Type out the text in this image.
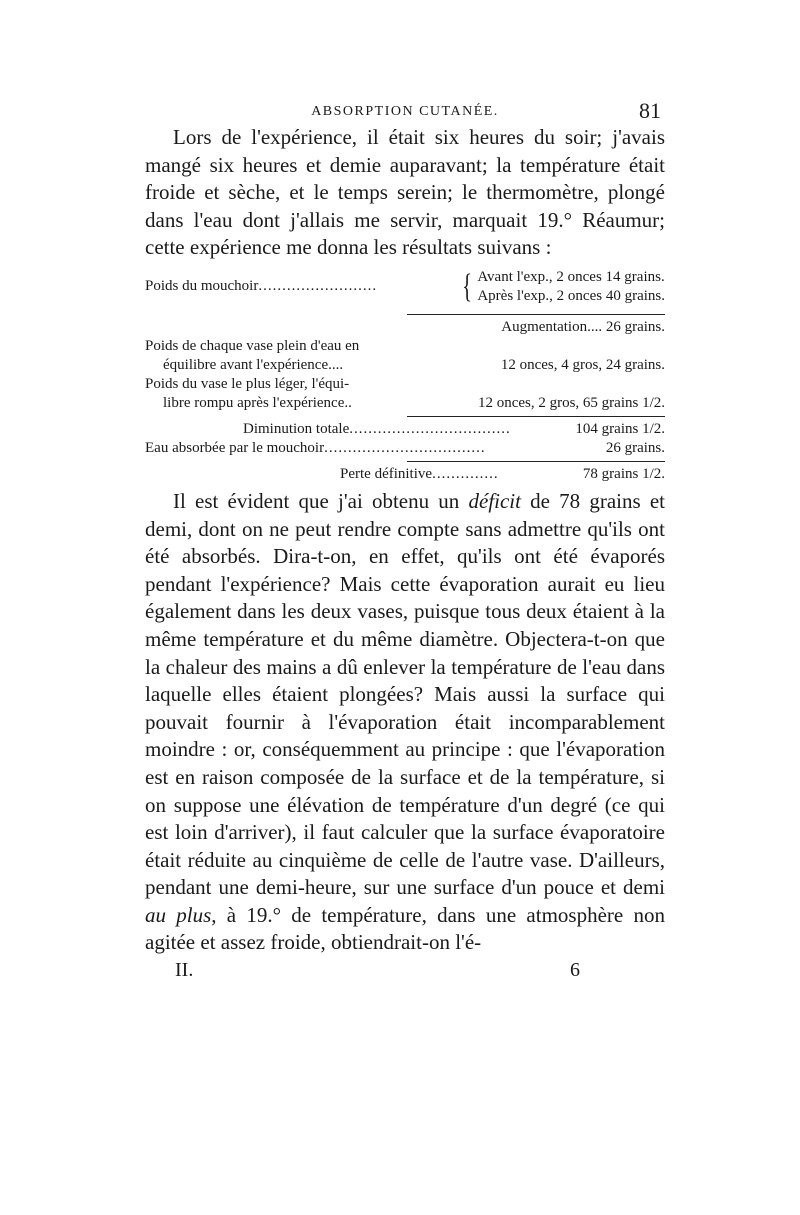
ABSORPTION CUTANÉE.	81

Lors de l'expérience, il était six heures du soir; j'avais mangé six heures et demie auparavant; la température était froide et sèche, et le temps serein; le thermomètre, plongé dans l'eau dont j'allais me servir, marquait 19.° Réaumur; cette expérience me donna les résultats suivans :

Poids du mouchoir .........................	{ Avant l'exp., 2 onces 14 grains.
Après l'exp., 2 onces 40 grains.
Augmentation.... 26 grains.
Poids de chaque vase plein d'eau en
équilibre avant l'expérience....	12 onces, 4 gros, 24 grains.
Poids du vase le plus léger, l'équi-
libre rompu après l'expérience..	12 onces, 2 gros, 65 grains 1/2.
Diminution totale ..................................	104 grains 1/2.
Eau absorbée par le mouchoir ..................................	26 grains.
Perte définitive ..............	78 grains 1/2.

Il est évident que j'ai obtenu un déficit de 78 grains et demi, dont on ne peut rendre compte sans admettre qu'ils ont été absorbés. Dira-t-on, en effet, qu'ils ont été évaporés pendant l'expérience? Mais cette évaporation aurait eu lieu également dans les deux vases, puisque tous deux étaient à la même température et du même diamètre. Objectera-t-on que la chaleur des mains a dû enlever la température de l'eau dans laquelle elles étaient plongées? Mais aussi la surface qui pouvait fournir à l'évaporation était incomparablement moindre : or, conséquemment au principe : que l'évaporation est en raison composée de la surface et de la température, si on suppose une élévation de température d'un degré (ce qui est loin d'arriver), il faut calculer que la surface évaporatoire était réduite au cinquième de celle de l'autre vase. D'ailleurs, pendant une demi-heure, sur une surface d'un pouce et demi au plus, à 19.° de température, dans une atmosphère non agitée et assez froide, obtiendrait-on l'é-

II.	6
